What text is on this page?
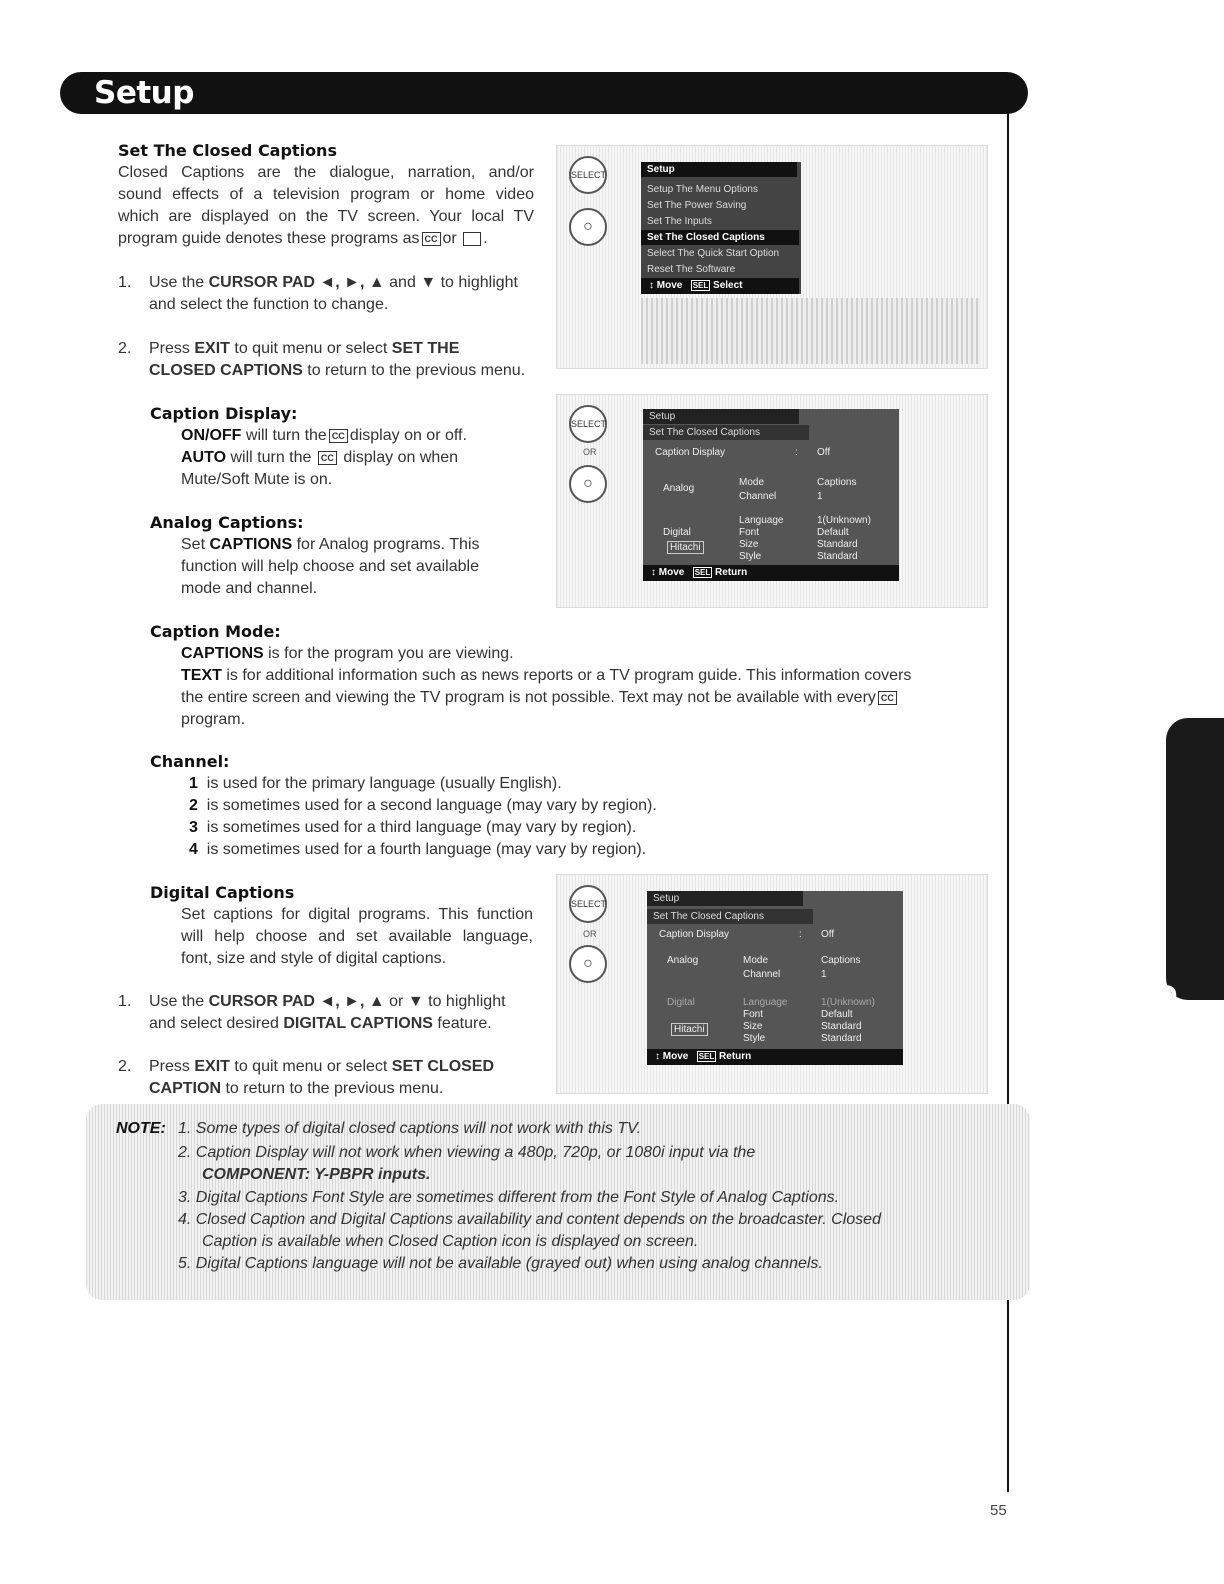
Setup
On-Screen Display
Set The Closed Captions
Closed Captions are the dialogue, narration, and/or
sound effects of a television program or home video
which are displayed on the TV screen. Your local TV
program guide denotes these programs as CC or .
1. Use the CURSOR PAD ◄, ►, ▲ and ▼ to highlight
and select the function to change.
2. Press EXIT to quit menu or select SET THE
CLOSED CAPTIONS to return to the previous menu.
Caption Display:
ON/OFF will turn the CC display on or off.
AUTO will turn the CC display on when
Mute/Soft Mute is on.
Analog Captions:
Set CAPTIONS for Analog programs. This
function will help choose and set available
mode and channel.
Caption Mode:
CAPTIONS is for the program you are viewing.
TEXT is for additional information such as news reports or a TV program guide. This information covers
the entire screen and viewing the TV program is not possible. Text may not be available with every CC
program.
Channel:
1 is used for the primary language (usually English).
2 is sometimes used for a second language (may vary by region).
3 is sometimes used for a third language (may vary by region).
4 is sometimes used for a fourth language (may vary by region).
Digital Captions
Set captions for digital programs. This function
will help choose and set available language,
font, size and style of digital captions.
1. Use the CURSOR PAD ◄, ►, ▲ or ▼ to highlight
and select desired DIGITAL CAPTIONS feature.
2. Press EXIT to quit menu or select SET CLOSED
CAPTION to return to the previous menu.
SELECT
○
Setup
Setup The Menu Options
Set The Power Saving
Set The Inputs
Set The Closed Captions
Select The Quick Start Option
Reset The Software
↕ Move SEL Select
SELECT
OR
○
Setup
Set The Closed Captions
Caption Display	: Off
Analog
Mode	Captions
Channel	1
Digital
Language	1(Unknown)
Font	Default
Hitachi	Size	Standard
Style	Standard
↕ Move SEL Return
SELECT
OR
○
Setup
Set The Closed Captions
Caption Display	: Off
Analog	Mode	Captions
Channel	1
Digital	Language	1(Unknown)
Font	Default
Hitachi	Size	Standard
Style	Standard
↕ Move SEL Return
NOTE: 1. Some types of digital closed captions will not work with this TV.
2. Caption Display will not work when viewing a 480p, 720p, or 1080i input via the
COMPONENT: Y-PBPR inputs.
3. Digital Captions Font Style are sometimes different from the Font Style of Analog Captions.
4. Closed Caption and Digital Captions availability and content depends on the broadcaster. Closed
Caption is available when Closed Caption icon is displayed on screen.
5. Digital Captions language will not be available (grayed out) when using analog channels.
55
